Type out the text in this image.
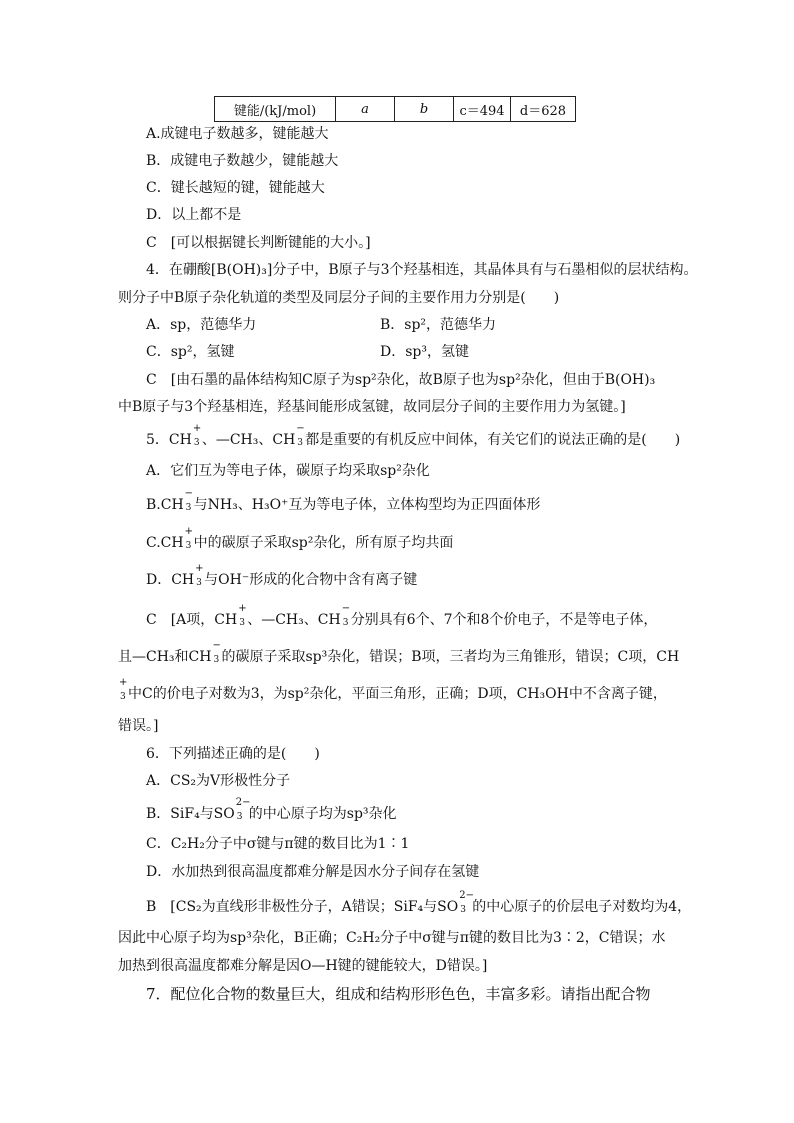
键能/(kJ/mol)	a	b	c＝494	d＝628
A.成键电子数越多，键能越大
B．成键电子数越少，键能越大
C．键长越短的键，键能越大
D．以上都不是
C　[可以根据键长判断键能的大小。]
4．在硼酸[B(OH)₃]分子中，B原子与3个羟基相连，其晶体具有与石墨相似的层状结构。
则分子中B原子杂化轨道的类型及同层分子间的主要作用力分别是(　　)
A．sp，范德华力	B．sp²，范德华力
C．sp²，氢键	D．sp³，氢键
C　[由石墨的晶体结构知C原子为sp²杂化，故B原子也为sp²杂化，但由于B(OH)₃
中B原子与3个羟基相连，羟基间能形成氢键，故同层分子间的主要作用力为氢键。]
5．CH
+
3 、—CH₃、CH
−
3 都是重要的有机反应中间体，有关它们的说法正确的是(　　)
A．它们互为等电子体，碳原子均采取sp²杂化
B.CH
−
3 与NH₃、H₃O⁺互为等电子体，立体构型均为正四面体形
C.CH
+
3 中的碳原子采取sp²杂化，所有原子均共面
D．CH
+
3 与OH⁻形成的化合物中含有离子键
C　[A项，CH
+
3 、—CH₃、CH
−
3 分别具有6个、7个和8个价电子，不是等电子体，
且—CH₃和CH
−
3 的碳原子采取sp³杂化，错误；B项，三者均为三角锥形，错误；C项，CH
+
3 中C的价电子对数为3，为sp²杂化，平面三角形，正确；D项，CH₃OH中不含离子键，
错误。]
6．下列描述正确的是(　　)
A．CS₂为V形极性分子
B．SiF₄与SO
2−
3 的中心原子均为sp³杂化
C．C₂H₂分子中σ键与π键的数目比为1∶1
D．水加热到很高温度都难分解是因水分子间存在氢键
B　[CS₂为直线形非极性分子，A错误；SiF₄与SO
2−
3 的中心原子的价层电子对数均为4，
因此中心原子均为sp³杂化，B正确；C₂H₂分子中σ键与π键的数目比为3∶2，C错误；水
加热到很高温度都难分解是因O—H键的键能较大，D错误。]
7．配位化合物的数量巨大，组成和结构形形色色，丰富多彩。请指出配合物
